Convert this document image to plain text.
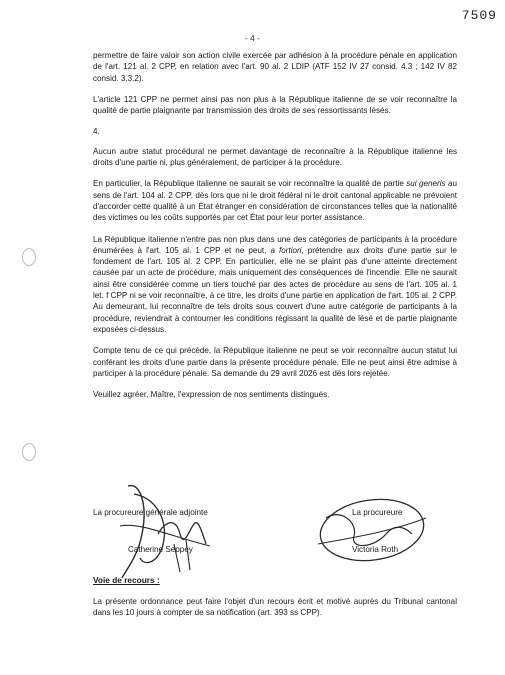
7509
- 4 -

permettre de faire valoir son action civile exercée par adhésion à la procédure pénale en application de l'art. 121 al. 2 CPP, en relation avec l'art. 90 al. 2 LDIP (ATF 152 IV 27 consid. 4.3 ; 142 IV 82 consid. 3.3.2).

L'article 121 CPP ne permet ainsi pas non plus à la République italienne de se voir reconnaître la qualité de partie plaignante par transmission des droits de ses ressortissants lésés.

4.

Aucun autre statut procédural ne permet davantage de reconnaître à la République italienne les droits d'une partie ni, plus généralement, de participer à la procédure.

En particulier, la République italienne ne saurait se voir reconnaître la qualité de partie sui generis au sens de l'art. 104 al. 2 CPP, dès lors que ni le droit fédéral ni le droit cantonal applicable ne prévoient d'accorder cette qualité à un État étranger en considération de circonstances telles que la nationalité des victimes ou les coûts supportés par cet État pour leur porter assistance.

La République italienne n'entre pas non plus dans une des catégories de participants à la procédure énumérées à l'art. 105 al. 1 CPP et ne peut, a fortiori, prétendre aux droits d'une partie sur le fondement de l'art. 105 al. 2 CPP. En particulier, elle ne se plaint pas d'une atteinte directement causée par un acte de procédure, mais uniquement des conséquences de l'incendie. Elle ne saurait ainsi être considérée comme un tiers touché par des actes de procédure au sens de l'art. 105 al. 1 let. f CPP ni se voir reconnaître, à ce titre, les droits d'une partie en application de l'art. 105 al. 2 CPP. Au demeurant, lui reconnaître de tels droits sous couvert d'une autre catégorie de participants à la procédure, reviendrait à contourner les conditions régissant la qualité de lésé et de partie plaignante exposées ci-dessus.

Compte tenu de ce qui précède, la République italienne ne peut se voir reconnaître aucun statut lui conférant les droits d'une partie dans la présente procédure pénale. Elle ne peut ainsi être admise à participer à la procédure pénale. Sa demande du 29 avril 2026 est dès lors rejetée.

Veuillez agréer, Maître, l'expression de nos sentiments distingués.

La procureure générale adjointe
Catherine Seppey
La procureure
Victoria Roth
Voie de recours :
La présente ordonnance peut faire l'objet d'un recours écrit et motivé auprès du Tribunal cantonal dans les 10 jours à compter de sa notification (art. 393 ss CPP).
